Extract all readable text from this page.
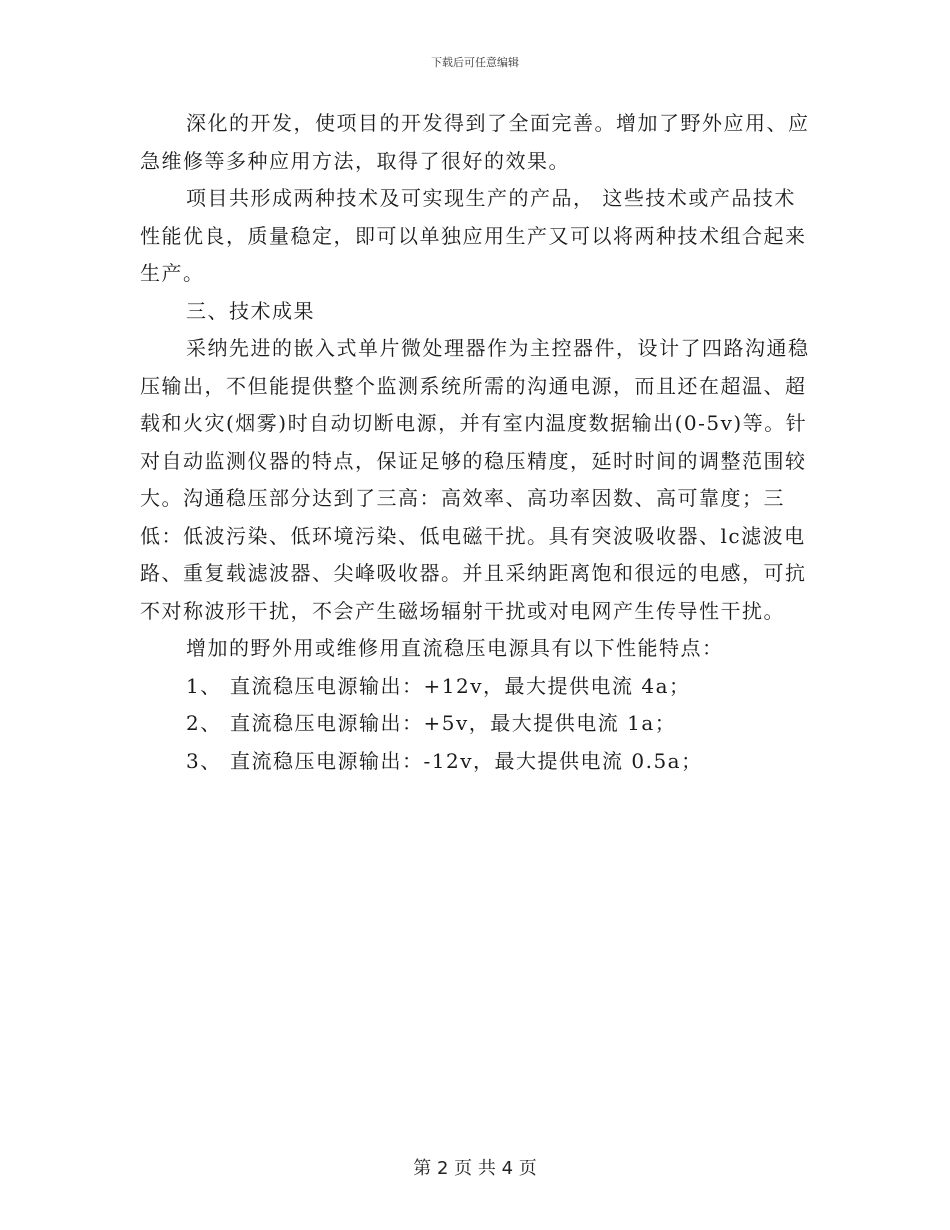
下载后可任意编辑

深化的开发，使项目的开发得到了全面完善。增加了野外应用、应急维修等多种应用方法，取得了很好的效果。

项目共形成两种技术及可实现生产的产品， 这些技术或产品技术性能优良，质量稳定，即可以单独应用生产又可以将两种技术组合起来生产。

三、技术成果

采纳先进的嵌入式单片微处理器作为主控器件，设计了四路沟通稳压输出，不但能提供整个监测系统所需的沟通电源，而且还在超温、超载和火灾(烟雾)时自动切断电源，并有室内温度数据输出(0-5v)等。针对自动监测仪器的特点，保证足够的稳压精度，延时时间的调整范围较大。沟通稳压部分达到了三高：高效率、高功率因数、高可靠度；三低：低波污染、低环境污染、低电磁干扰。具有突波吸收器、lc滤波电路、重复载滤波器、尖峰吸收器。并且采纳距离饱和很远的电感，可抗不对称波形干扰，不会产生磁场辐射干扰或对电网产生传导性干扰。

增加的野外用或维修用直流稳压电源具有以下性能特点：

1、 直流稳压电源输出：+12v，最大提供电流 4a；
2、 直流稳压电源输出：+5v，最大提供电流 1a；
3、 直流稳压电源输出：-12v，最大提供电流 0.5a；
第 2 页 共 4 页
